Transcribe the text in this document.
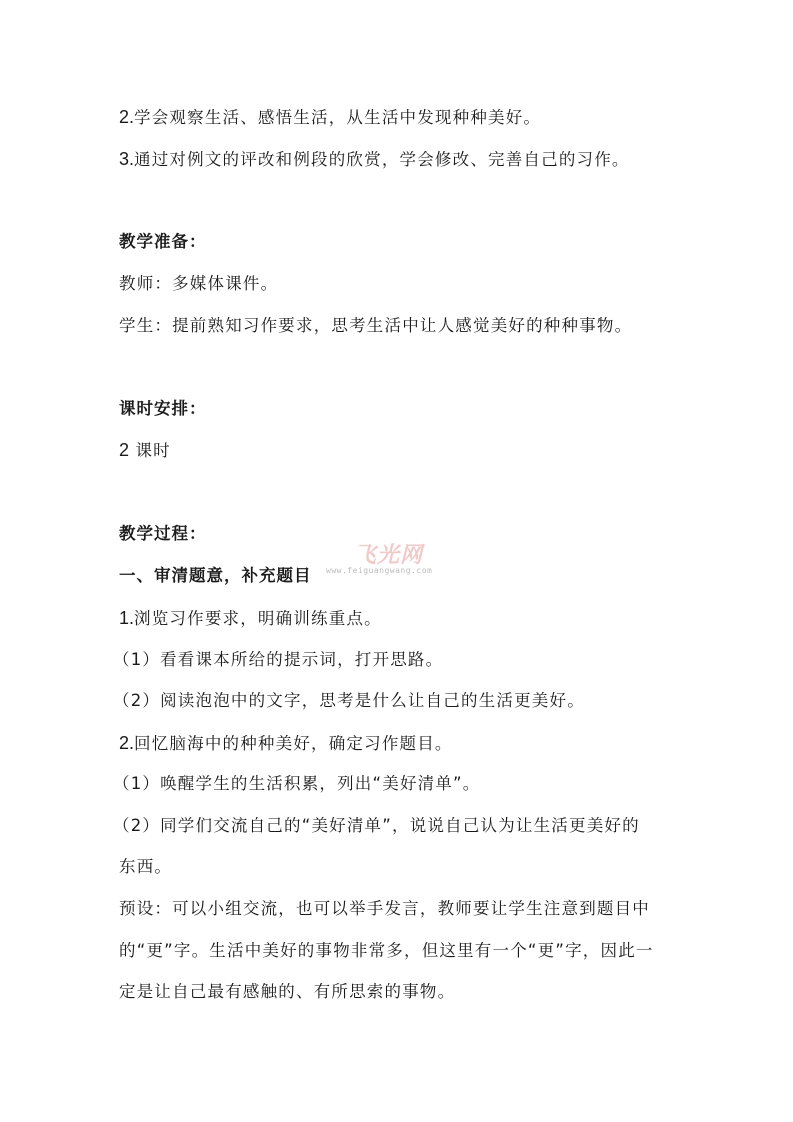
2.学会观察生活、感悟生活，从生活中发现种种美好。
3.通过对例文的评改和例段的欣赏，学会修改、完善自己的习作。
教学准备：
教师：多媒体课件。
学生：提前熟知习作要求，思考生活中让人感觉美好的种种事物。
课时安排：
2 课时
教学过程：
一、审清题意，补充题目
1.浏览习作要求，明确训练重点。
（1）看看课本所给的提示词，打开思路。
（2）阅读泡泡中的文字，思考是什么让自己的生活更美好。
2.回忆脑海中的种种美好，确定习作题目。
（1）唤醒学生的生活积累，列出“美好清单”。
（2）同学们交流自己的“美好清单”，说说自己认为让生活更美好的
东西。
预设：可以小组交流，也可以举手发言，教师要让学生注意到题目中
的“更”字。生活中美好的事物非常多，但这里有一个“更”字，因此一
定是让自己最有感触的、有所思索的事物。
飞光网
www.feiguangwang.com
